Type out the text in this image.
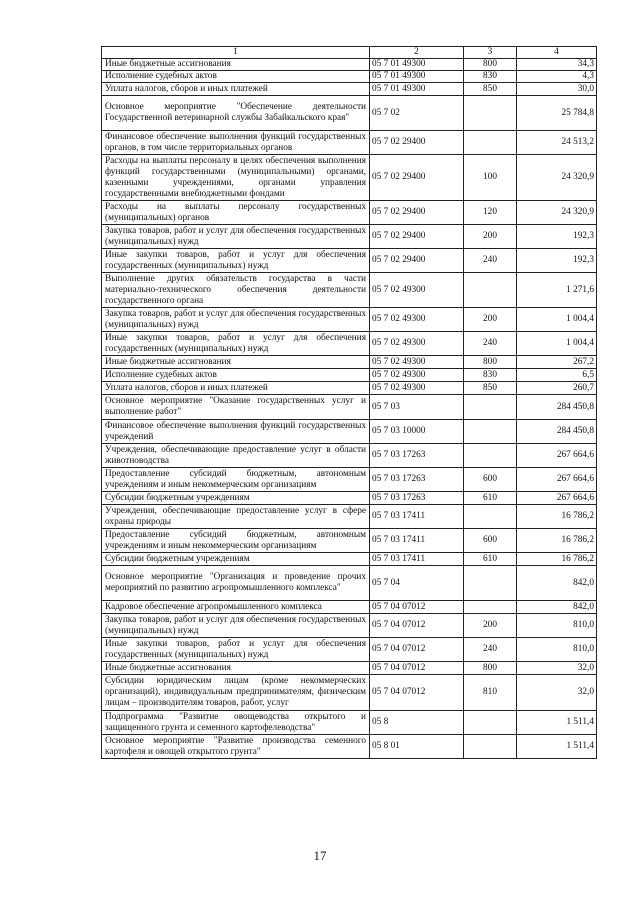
1	2	3	4
Иные бюджетные ассигнования	05 7 01 49300	800	34,3
Исполнение судебных актов	05 7 01 49300	830	4,3
Уплата налогов, сборов и иных платежей	05 7 01 49300	850	30,0
Основное мероприятие "Обеспечение деятельности Государственной ветеринарной службы Забайкальского края"	05 7 02		25 784,8
Финансовое обеспечение выполнения функций государственных органов, в том числе территориальных органов	05 7 02 29400		24 513,2
Расходы на выплаты персоналу в целях обеспечения выполнения функций государственными (муниципальными) органами, казенными учреждениями, органами управления государственными внебюджетными фондами	05 7 02 29400	100	24 320,9
Расходы на выплаты персоналу государственных (муниципальных) органов	05 7 02 29400	120	24 320,9
Закупка товаров, работ и услуг для обеспечения государственных (муниципальных) нужд	05 7 02 29400	200	192,3
Иные закупки товаров, работ и услуг для обеспечения государственных (муниципальных) нужд	05 7 02 29400	240	192,3
Выполнение других обязательств государства в части материально-технического обеспечения деятельности государственного органа	05 7 02 49300		1 271,6
Закупка товаров, работ и услуг для обеспечения государственных (муниципальных) нужд	05 7 02 49300	200	1 004,4
Иные закупки товаров, работ и услуг для обеспечения государственных (муниципальных) нужд	05 7 02 49300	240	1 004,4
Иные бюджетные ассигнования	05 7 02 49300	800	267,2
Исполнение судебных актов	05 7 02 49300	830	6,5
Уплата налогов, сборов и иных платежей	05 7 02 49300	850	260,7
Основное мероприятие "Оказание государственных услуг и выполнение работ"	05 7 03		284 450,8
Финансовое обеспечение выполнения функций государственных учреждений	05 7 03 10000		284 450,8
Учреждения, обеспечивающие предоставление услуг в области животноводства	05 7 03 17263		267 664,6
Предоставление субсидий бюджетным, автономным учреждениям и иным некоммерческим организациям	05 7 03 17263	600	267 664,6
Субсидии бюджетным учреждениям	05 7 03 17263	610	267 664,6
Учреждения, обеспечивающие предоставление услуг в сфере охраны природы	05 7 03 17411		16 786,2
Предоставление субсидий бюджетным, автономным учреждениям и иным некоммерческим организациям	05 7 03 17411	600	16 786,2
Субсидии бюджетным учреждениям	05 7 03 17411	610	16 786,2
Основное мероприятие "Организация и проведение прочих мероприятий по развитию агропромышленного комплекса"	05 7 04		842,0
Кадровое обеспечение агропромышленного комплекса	05 7 04 07012		842,0
Закупка товаров, работ и услуг для обеспечения государственных (муниципальных) нужд	05 7 04 07012	200	810,0
Иные закупки товаров, работ и услуг для обеспечения государственных (муниципальных) нужд	05 7 04 07012	240	810,0
Иные бюджетные ассигнования	05 7 04 07012	800	32,0
Субсидии юридическим лицам (кроме некоммерческих организаций), индивидуальным предпринимателям, физическим лицам – производителям товаров, работ, услуг	05 7 04 07012	810	32,0
Подпрограмма "Развитие овощеводства открытого и защищенного грунта и семенного картофелеводства"	05 8		1 511,4
Основное мероприятие "Развитие производства семенного картофеля и овощей открытого грунта"	05 8 01		1 511,4
17
